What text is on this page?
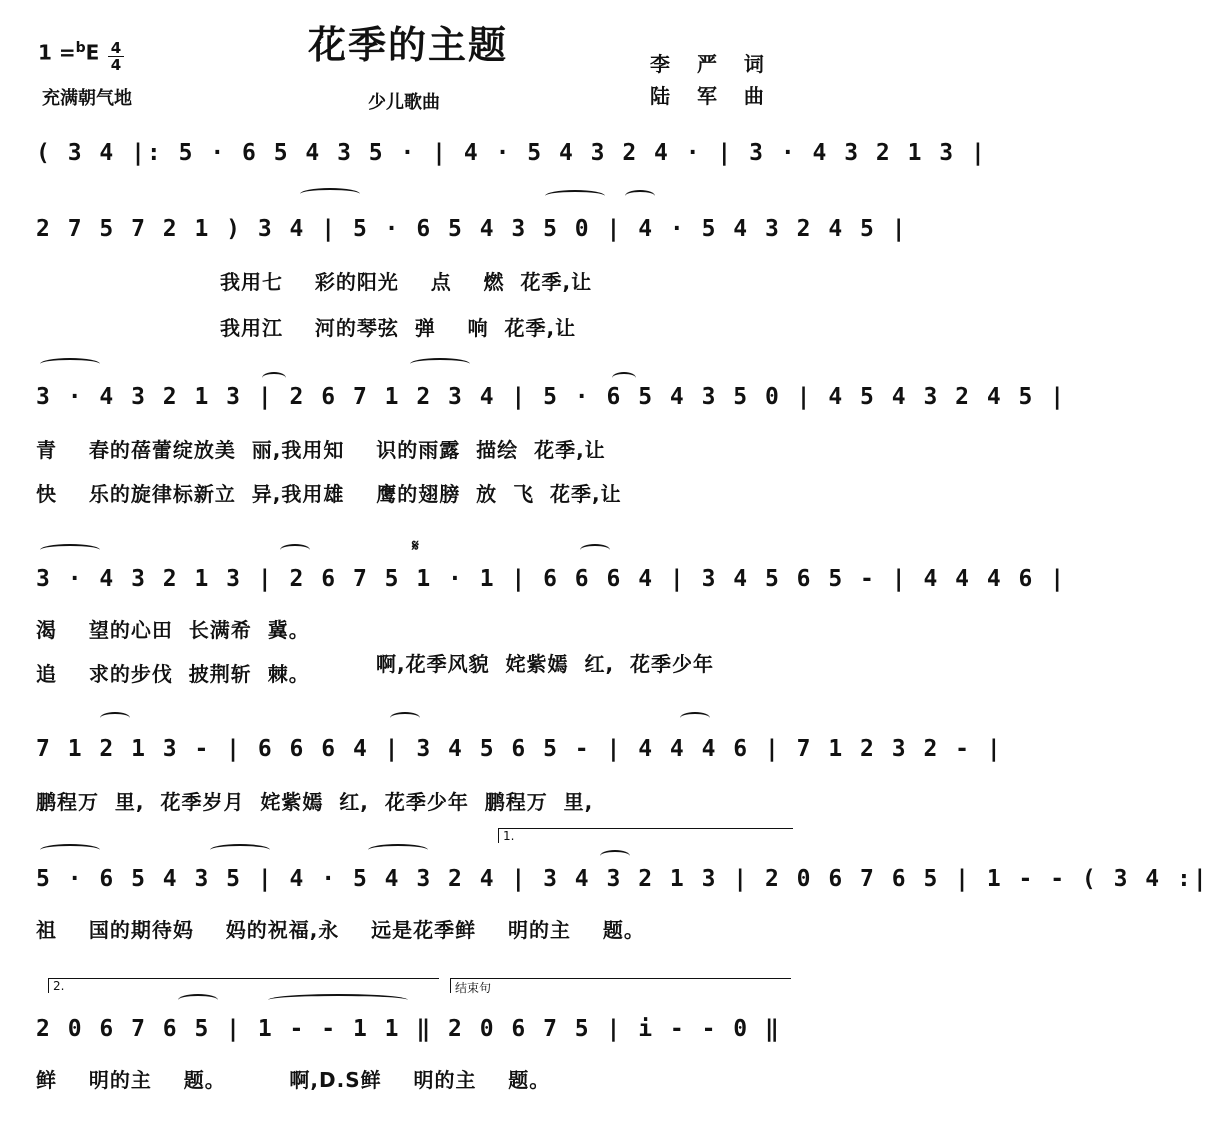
花季的主题
1 =$^b$E 4
4
充满朝气地	少儿歌曲
李 严 词
陆 军 曲
( 3 4 |: 5 · 6 5 4 3 5 · | 4 · 5 4 3 2 4 · | 3 · 4 3 2 1 3 |
2 7 5 7 2 1 ) 3 4 | 5 · 6 5 4 3 5 0 | 4 · 5 4 3 2 4 5 |
我用七    彩的阳光    点    燃  花季,让
我用江    河的琴弦  弹    响  花季,让
3 · 4 3 2 1 3 | 2 6 7 1 2 3 4 | 5 · 6 5 4 3 5 0 | 4 5 4 3 2 4 5 |
青    春的蓓蕾绽放美  丽,我用知    识的雨露  描绘  花季,让
快    乐的旋律标新立  异,我用雄    鹰的翅膀  放  飞  花季,让
𝄋
3 · 4 3 2 1 3 | 2 6 7 5 1 · 1 | 6 6 6 4 | 3 4 5 6 5 - | 4 4 4 6 |
渴    望的心田  长满希  冀。
追    求的步伐  披荆斩  棘。	啊,花季风貌  姹紫嫣  红,  花季少年
7 1 2 1 3 - | 6 6 6 4 | 3 4 5 6 5 - | 4 4 4 6 | 7 1 2 3 2 - |
鹏程万  里,  花季岁月  姹紫嫣  红,  花季少年  鹏程万  里,
1.
5 · 6 5 4 3 5 | 4 · 5 4 3 2 4 | 3 4 3 2 1 3 | 2 0 6 7 6 5 | 1 - - ( 3 4 :|
祖    国的期待妈    妈的祝福,永    远是花季鲜    明的主    题。
2.	结束句
2 0 6 7 6 5 | 1 - - 1 1 ‖ 2 0 6 7 5 | i - - 0 ‖
鲜    明的主    题。        啊,D.S鲜    明的主    题。
